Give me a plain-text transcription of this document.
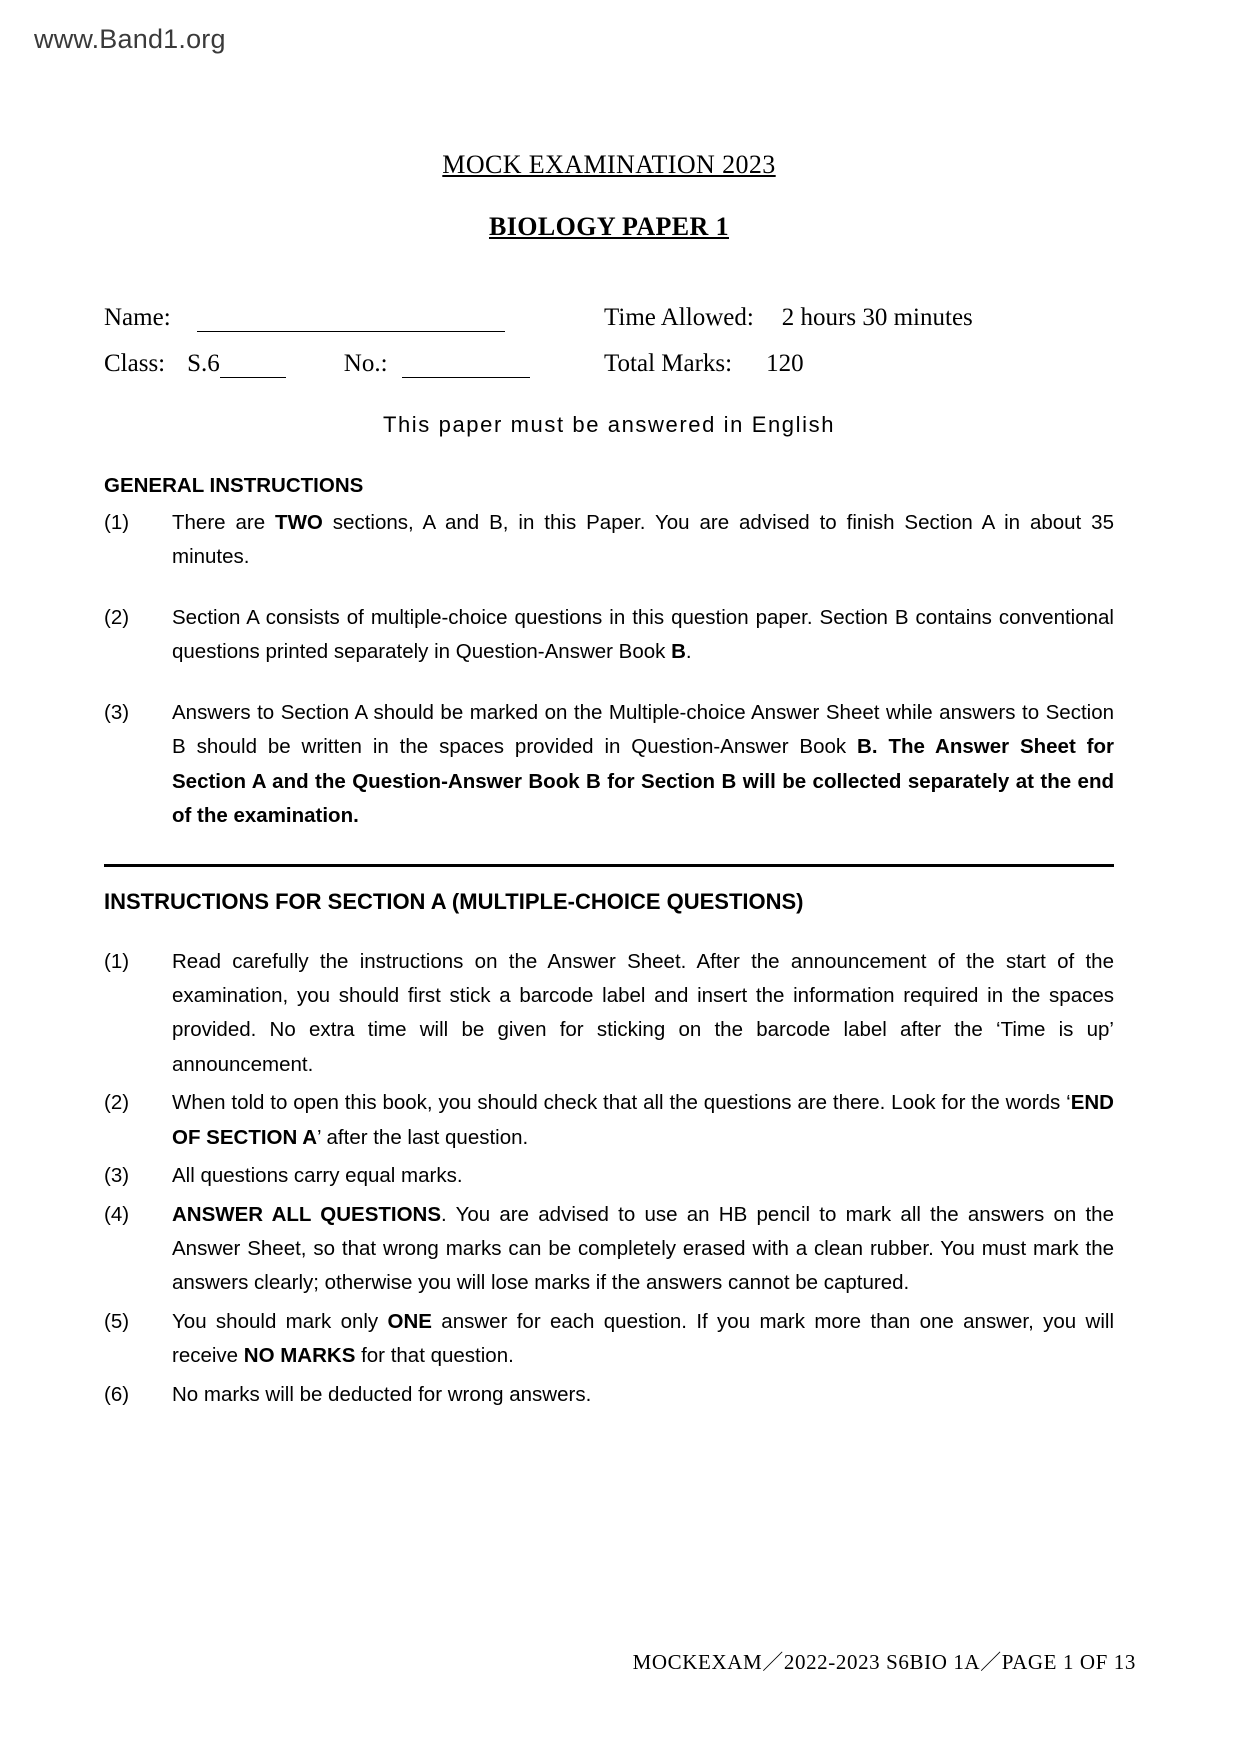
www.Band1.org
MOCK EXAMINATION 2023
BIOLOGY PAPER 1
Name:	Time Allowed: 2 hours 30 minutes
Class: S.6	No.:	Total Marks: 120
This paper must be answered in English
GENERAL INSTRUCTIONS
(1)	There are TWO sections, A and B, in this Paper. You are advised to finish Section A in about 35 minutes.
(2)	Section A consists of multiple-choice questions in this question paper. Section B contains conventional questions printed separately in Question-Answer Book B.
(3)	Answers to Section A should be marked on the Multiple-choice Answer Sheet while answers to Section B should be written in the spaces provided in Question-Answer Book B. The Answer Sheet for Section A and the Question-Answer Book B for Section B will be collected separately at the end of the examination.
INSTRUCTIONS FOR SECTION A (MULTIPLE-CHOICE QUESTIONS)
(1)	Read carefully the instructions on the Answer Sheet. After the announcement of the start of the examination, you should first stick a barcode label and insert the information required in the spaces provided. No extra time will be given for sticking on the barcode label after the ‘Time is up’ announcement.
(2)	When told to open this book, you should check that all the questions are there. Look for the words ‘END OF SECTION A’ after the last question.
(3)	All questions carry equal marks.
(4)	ANSWER ALL QUESTIONS. You are advised to use an HB pencil to mark all the answers on the Answer Sheet, so that wrong marks can be completely erased with a clean rubber. You must mark the answers clearly; otherwise you will lose marks if the answers cannot be captured.
(5)	You should mark only ONE answer for each question. If you mark more than one answer, you will receive NO MARKS for that question.
(6)	No marks will be deducted for wrong answers.
MOCKEXAM／2022-2023 S6BIO 1A／PAGE 1 OF 13
